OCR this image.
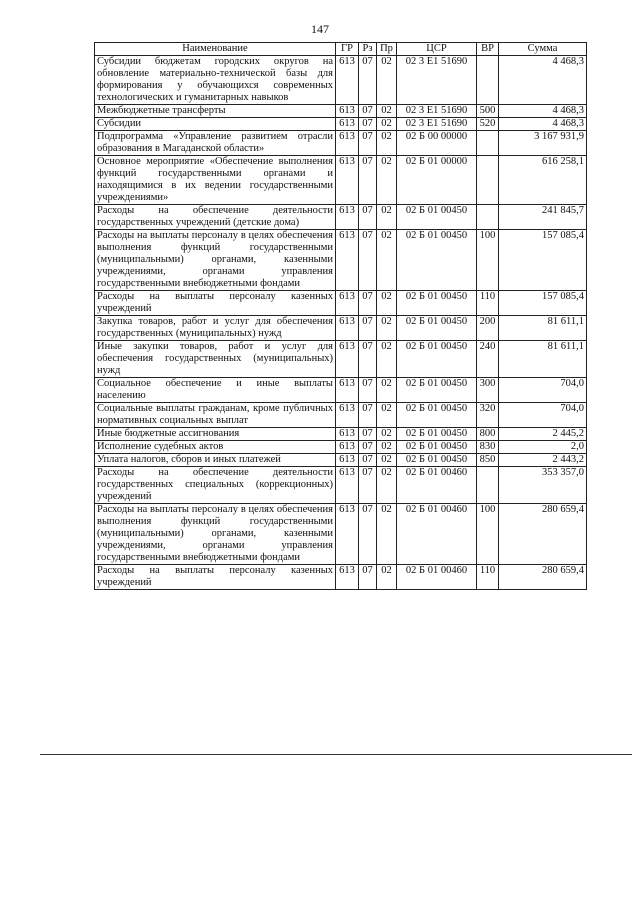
147
Наименование	ГР	Рз	Пр	ЦСР	ВР	Сумма
Субсидии бюджетам городских округов на обновление материально-технической базы для формирования у обучающихся современных технологических и гуманитарных навыков	613	07	02	02 3 E1 51690		4 468,3
Межбюджетные трансферты	613	07	02	02 3 E1 51690	500	4 468,3
Субсидии	613	07	02	02 3 E1 51690	520	4 468,3
Подпрограмма «Управление развитием отрасли образования в Магаданской области»	613	07	02	02 Б 00 00000		3 167 931,9
Основное мероприятие «Обеспечение выполнения функций государственными органами и находящимися в их ведении государственными учреждениями»	613	07	02	02 Б 01 00000		616 258,1
Расходы на обеспечение деятельности государственных учреждений (детские дома)	613	07	02	02 Б 01 00450		241 845,7
Расходы на выплаты персоналу в целях обеспечения выполнения функций государственными (муниципальными) органами, казенными учреждениями, органами управления государственными внебюджетными фондами	613	07	02	02 Б 01 00450	100	157 085,4
Расходы на выплаты персоналу казенных учреждений	613	07	02	02 Б 01 00450	110	157 085,4
Закупка товаров, работ и услуг для обеспечения государственных (муниципальных) нужд	613	07	02	02 Б 01 00450	200	81 611,1
Иные закупки товаров, работ и услуг для обеспечения государственных (муниципальных) нужд	613	07	02	02 Б 01 00450	240	81 611,1
Социальное обеспечение и иные выплаты населению	613	07	02	02 Б 01 00450	300	704,0
Социальные выплаты гражданам, кроме публичных нормативных социальных выплат	613	07	02	02 Б 01 00450	320	704,0
Иные бюджетные ассигнования	613	07	02	02 Б 01 00450	800	2 445,2
Исполнение судебных актов	613	07	02	02 Б 01 00450	830	2,0
Уплата налогов, сборов и иных платежей	613	07	02	02 Б 01 00450	850	2 443,2
Расходы на обеспечение деятельности государственных специальных (коррекционных) учреждений	613	07	02	02 Б 01 00460		353 357,0
Расходы на выплаты персоналу в целях обеспечения выполнения функций государственными (муниципальными) органами, казенными учреждениями, органами управления государственными внебюджетными фондами	613	07	02	02 Б 01 00460	100	280 659,4
Расходы на выплаты персоналу казенных учреждений	613	07	02	02 Б 01 00460	110	280 659,4
